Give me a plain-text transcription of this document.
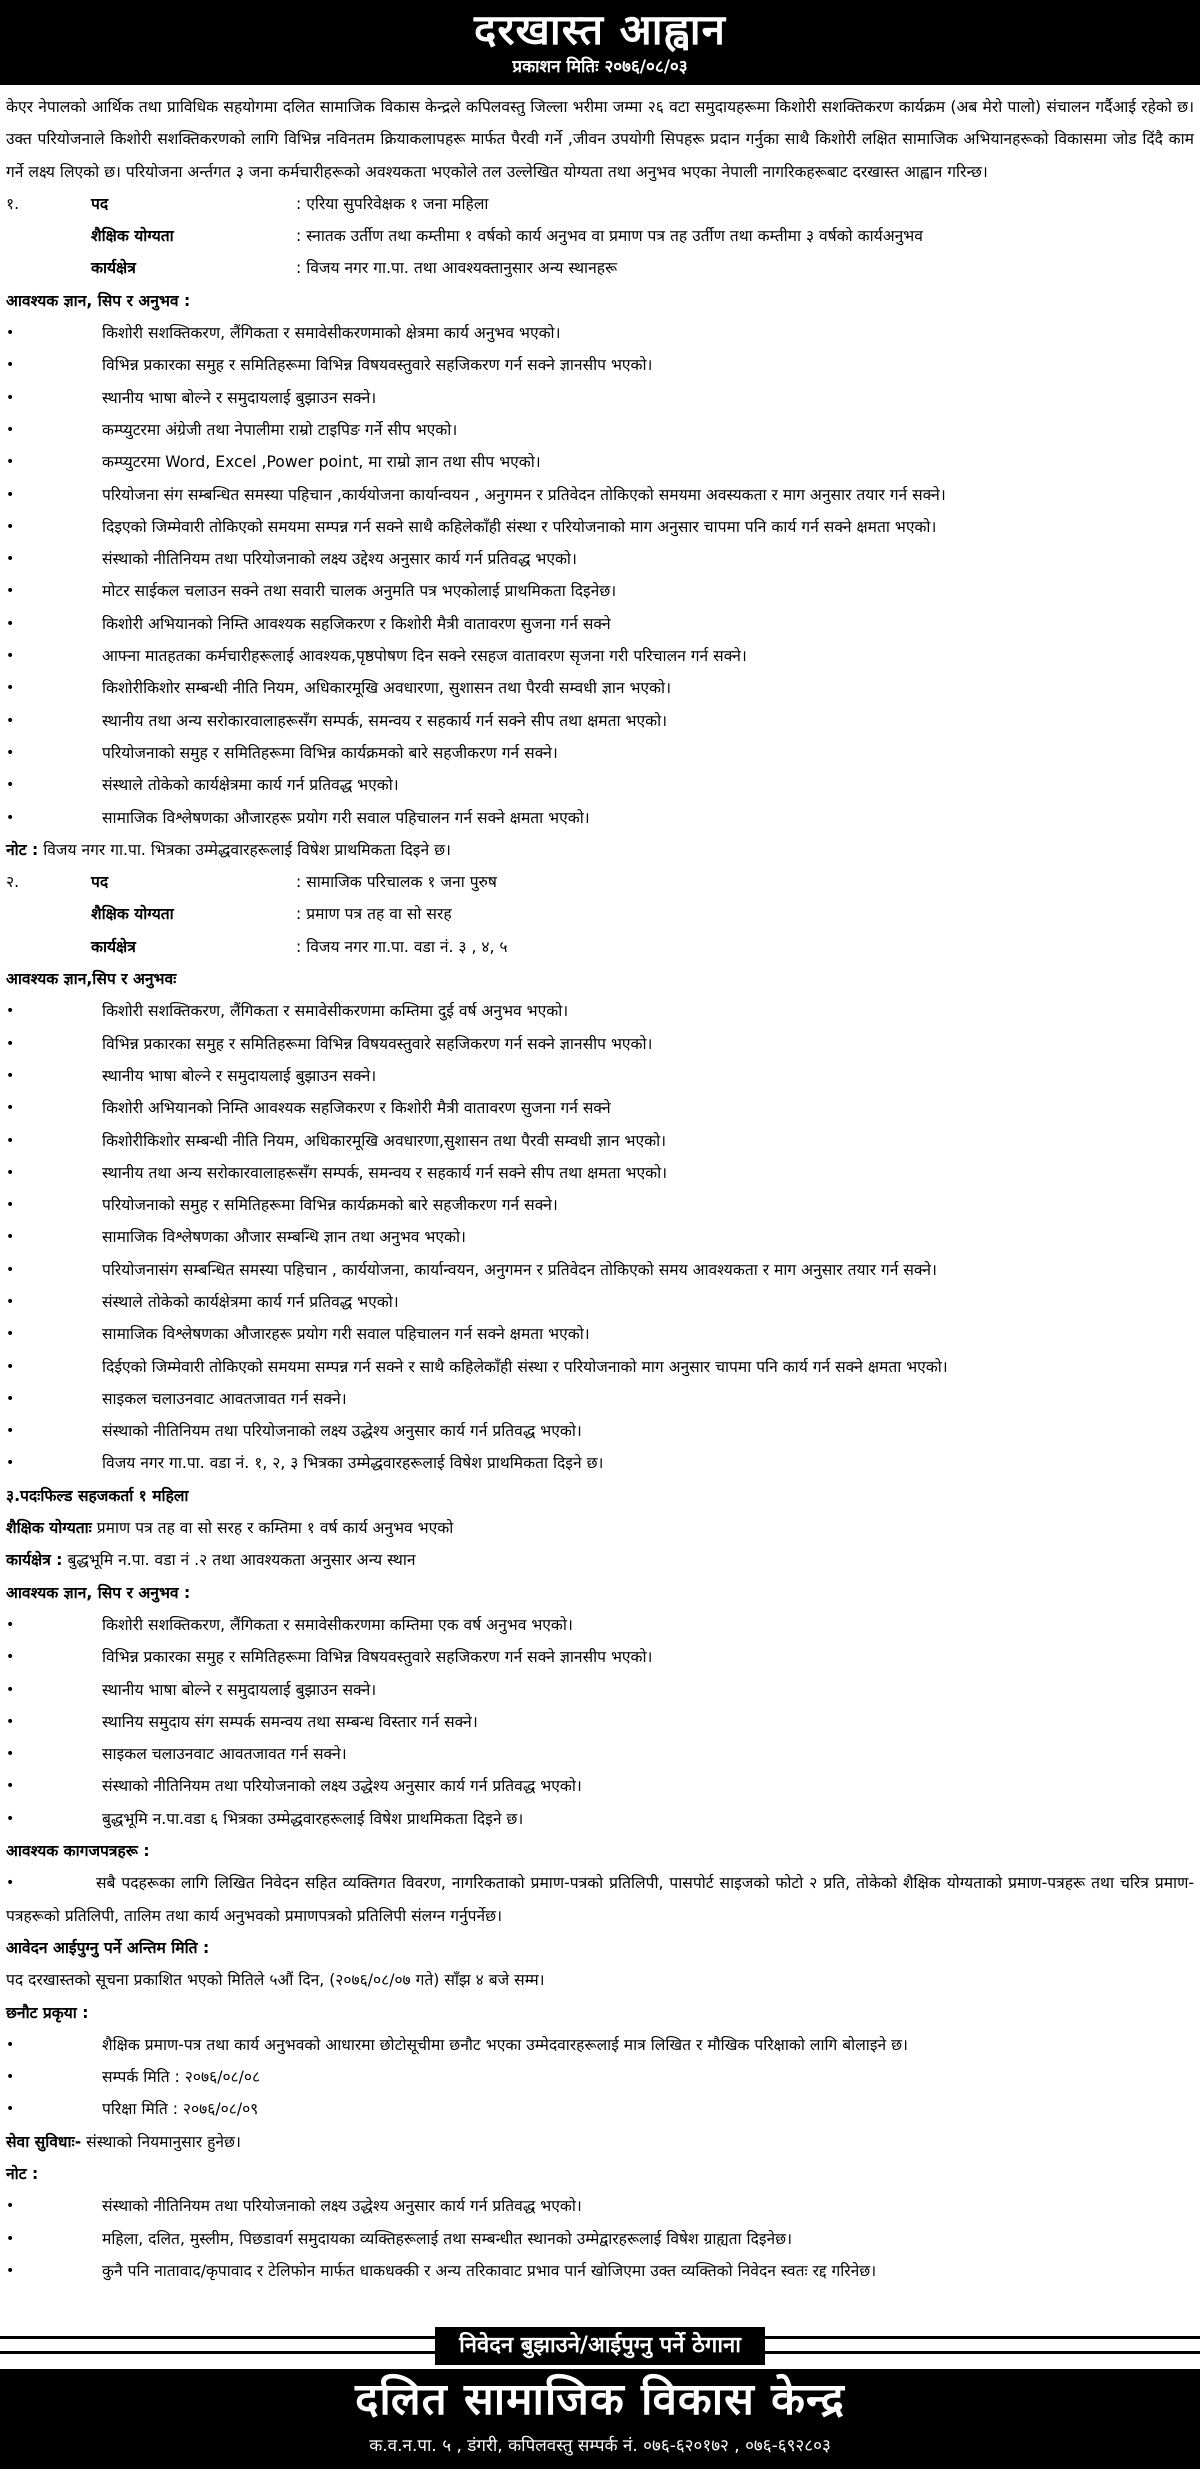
दरखास्त आह्वान
प्रकाशन मितिः २०७६/०८/०३

केएर नेपालको आर्थिक तथा प्राविधिक सहयोगमा दलित सामाजिक विकास केन्द्रले कपिलवस्तु जिल्ला भरीमा जम्मा २६ वटा समुदायहरूमा किशोरी सशक्तिकरण कार्यक्रम (अब मेरो पालो) संचालन गर्दैआई रहेको छ। उक्त परियोजनाले किशोरी सशक्तिकरणको लागि विभिन्न नविनतम क्रियाकलापहरू मार्फत पैरवी गर्ने ,जीवन उपयोगी सिपहरू प्रदान गर्नुका साथै किशोरी लक्षित सामाजिक अभियानहरूको विकासमा जोड दिंदै काम गर्ने लक्ष्य लिएको छ। परियोजना अर्न्तगत ३ जना कर्मचारीहरूको अवश्यकता भएकोले तल उल्लेखित योग्यता तथा अनुभव भएका नेपाली नागरिकहरूबाट दरखास्त आह्वान गरिन्छ।

१.	पद	: एरिया सुपरिवेक्षक १ जना महिला
शैक्षिक योग्यता	: स्नातक उर्तीण तथा कम्तीमा १ वर्षको कार्य अनुभव वा प्रमाण पत्र तह उर्तीण तथा कम्तीमा ३ वर्षको कार्यअनुभव
कार्यक्षेत्र	: विजय नगर गा.पा. तथा आवश्यक्तानुसार अन्य स्थानहरू
आवश्यक ज्ञान, सिप र अनुभव :
•	किशोरी सशक्तिकरण, लैंगिकता र समावेसीकरणमाको क्षेत्रमा कार्य अनुभव भएको।
•	विभिन्न प्रकारका समुह र समितिहरूमा विभिन्न विषयवस्तुवारे सहजिकरण गर्न सक्ने ज्ञानसीप भएको।
•	स्थानीय भाषा बोल्ने र समुदायलाई बुझाउन सक्ने।
•	कम्प्युटरमा अंग्रेजी तथा नेपालीमा राम्रो टाइपिङ गर्ने सीप भएको।
•	कम्प्युटरमा Word, Excel ,Power point, मा राम्रो ज्ञान तथा सीप भएको।
•	परियोजना संग सम्बन्धित समस्या पहिचान ,कार्ययोजना कार्यान्वयन , अनुगमन र प्रतिवेदन तोकिएको समयमा अवस्यकता र माग अनुसार तयार गर्न सक्ने।
•	दिइएको जिम्मेवारी तोकिएको समयमा सम्पन्न गर्न सक्ने साथै कहिलेकाँही संस्था र परियोजनाको माग अनुसार चापमा पनि कार्य गर्न सक्ने क्षमता भएको।
•	संस्थाको नीतिनियम तथा परियोजनाको लक्ष्य उद्देश्य अनुसार कार्य गर्न प्रतिवद्ध भएको।
•	मोटर साईकल चलाउन सक्ने तथा सवारी चालक अनुमति पत्र भएकोलाई प्राथमिकता दिइनेछ।
•	किशोरी अभियानको निम्ति आवश्यक सहजिकरण र किशोरी मैत्री वातावरण सुजना गर्न सक्ने
•	आफ्ना मातहतका कर्मचारीहरूलाई आवश्यक,पृष्ठपोषण दिन सक्ने रसहज वातावरण सृजना गरी परिचालन गर्न सक्ने।
•	किशोरीकिशोर सम्बन्धी नीति नियम, अधिकारमूखि अवधारणा, सुशासन तथा पैरवी सम्वधी ज्ञान भएको।
•	स्थानीय तथा अन्य सरोकारवालाहरूसँग सम्पर्क, समन्वय र सहकार्य गर्न सक्ने सीप तथा क्षमता भएको।
•	परियोजनाको समुह र समितिहरूमा विभिन्न कार्यक्रमको बारे सहजीकरण गर्न सक्ने।
•	संस्थाले तोकेको कार्यक्षेत्रमा कार्य गर्न प्रतिवद्ध भएको।
•	सामाजिक विश्लेषणका औजारहरू प्रयोग गरी सवाल पहिचालन गर्न सक्ने क्षमता भएको।
नोट : विजय नगर गा.पा. भित्रका उम्मेद्धवारहरूलाई विषेश प्राथमिकता दिइने छ।
२.	पद	: सामाजिक परिचालक १ जना पुरुष
शैक्षिक योग्यता	: प्रमाण पत्र तह वा सो सरह
कार्यक्षेत्र	: विजय नगर गा.पा. वडा नं. ३ , ४, ५
आवश्यक ज्ञान,सिप र अनुभवः
•	किशोरी सशक्तिकरण, लैंगिकता र समावेसीकरणमा कम्तिमा दुई वर्ष अनुभव भएको।
•	विभिन्न प्रकारका समुह र समितिहरूमा विभिन्न विषयवस्तुवारे सहजिकरण गर्न सक्ने ज्ञानसीप भएको।
•	स्थानीय भाषा बोल्ने र समुदायलाई बुझाउन सक्ने।
•	किशोरी अभियानको निम्ति आवश्यक सहजिकरण र किशोरी मैत्री वातावरण सुजना गर्न सक्ने
•	किशोरीकिशोर सम्बन्धी नीति नियम, अधिकारमूखि अवधारणा,सुशासन तथा पैरवी सम्वधी ज्ञान भएको।
•	स्थानीय तथा अन्य सरोकारवालाहरूसँग सम्पर्क, समन्वय र सहकार्य गर्न सक्ने सीप तथा क्षमता भएको।
•	परियोजनाको समुह र समितिहरूमा विभिन्न कार्यक्रमको बारे सहजीकरण गर्न सक्ने।
•	सामाजिक विश्लेषणका औजार सम्बन्धि ज्ञान तथा अनुभव भएको।
•	परियोजनासंग सम्बन्धित समस्या पहिचान , कार्ययोजना, कार्यान्वयन, अनुगमन र प्रतिवेदन तोकिएको समय आवश्यकता र माग अनुसार तयार गर्न सक्ने।
•	संस्थाले तोकेको कार्यक्षेत्रमा कार्य गर्न प्रतिवद्ध भएको।
•	सामाजिक विश्लेषणका औजारहरू प्रयोग गरी सवाल पहिचालन गर्न सक्ने क्षमता भएको।
•	दिईएको जिम्मेवारी तोकिएको समयमा सम्पन्न गर्न सक्ने र साथै कहिलेकाँही संस्था र परियोजनाको माग अनुसार चापमा पनि कार्य गर्न सक्ने क्षमता भएको।
•	साइकल चलाउनवाट आवतजावत गर्न सक्ने।
•	संस्थाको नीतिनियम तथा परियोजनाको लक्ष्य उद्धेश्य अनुसार कार्य गर्न प्रतिवद्ध भएको।
•	विजय नगर गा.पा. वडा नं. १, २, ३ भित्रका उम्मेद्धवारहरूलाई विषेश प्राथमिकता दिइने छ।
३.पदःफिल्ड सहजकर्ता १ महिला
शैक्षिक योग्यताः प्रमाण पत्र तह वा सो सरह र कम्तिमा १ वर्ष कार्य अनुभव भएको
कार्यक्षेत्र : बुद्धभूमि न.पा. वडा नं .२ तथा आवश्यकता अनुसार अन्य स्थान
आवश्यक ज्ञान, सिप र अनुभव :
•	किशोरी सशक्तिकरण, लैंगिकता र समावेसीकरणमा कम्तिमा एक वर्ष अनुभव भएको।
•	विभिन्न प्रकारका समुह र समितिहरूमा विभिन्न विषयवस्तुवारे सहजिकरण गर्न सक्ने ज्ञानसीप भएको।
•	स्थानीय भाषा बोल्ने र समुदायलाई बुझाउन सक्ने।
•	स्थानिय समुदाय संग सम्पर्क समन्वय तथा सम्बन्ध विस्तार गर्न सक्ने।
•	साइकल चलाउनवाट आवतजावत गर्न सक्ने।
•	संस्थाको नीतिनियम तथा परियोजनाको लक्ष्य उद्धेश्य अनुसार कार्य गर्न प्रतिवद्ध भएको।
•	बुद्धभूमि न.पा.वडा ६ भित्रका उम्मेद्धवारहरूलाई विषेश प्राथमिकता दिइने छ।
आवश्यक कागजपत्रहरू :
•	सबै पदहरूका लागि लिखित निवेदन सहित व्यक्तिगत विवरण, नागरिकताको प्रमाण-पत्रको प्रतिलिपी, पासपोर्ट साइजको फोटो २ प्रति, तोकेको शैक्षिक योग्यताको प्रमाण-पत्रहरू तथा चरित्र प्रमाण-पत्रहरूको प्रतिलिपी, तालिम तथा कार्य अनुभवको प्रमाणपत्रको प्रतिलिपी संलग्न गर्नुपर्नेछ।
आवेदन आईपुग्नु पर्ने अन्तिम मिति :
पद दरखास्तको सूचना प्रकाशित भएको मितिले ५औं दिन, (२०७६/०८/०७ गते) साँझ ४ बजे सम्म।
छनौट प्रकृया :
•	शैक्षिक प्रमाण-पत्र तथा कार्य अनुभवको आधारमा छोटोसूचीमा छनौट भएका उम्मेदवारहरूलाई मात्र लिखित र मौखिक परिक्षाको लागि बोलाइने छ।
•	सम्पर्क मिति : २०७६/०८/०८
•	परिक्षा मिति : २०७६/०८/०९
सेवा सुविधाः- संस्थाको नियमानुसार हुनेछ।
नोट :
•	संस्थाको नीतिनियम तथा परियोजनाको लक्ष्य उद्धेश्य अनुसार कार्य गर्न प्रतिवद्ध भएको।
•	महिला, दलित, मुस्लीम, पिछडावर्ग समुदायका व्यक्तिहरूलाई तथा सम्बन्धीत स्थानको उम्मेद्वारहरूलाई विषेश ग्राह्यता दिइनेछ।
•	कुनै पनि नातावाद/कृपावाद र टेलिफोन मार्फत धाकधक्की र अन्य तरिकावाट प्रभाव पार्न खोजिएमा उक्त व्यक्तिको निवेदन स्वतः रद्द गरिनेछ।
निवेदन बुझाउने/आईपुग्नु पर्ने ठेगाना
दलित सामाजिक विकास केन्द्र
क.व.न.पा. ५ , डंगरी, कपिलवस्तु सम्पर्क नं. ०७६-६२०१७२ , ०७६-६९२८०३
